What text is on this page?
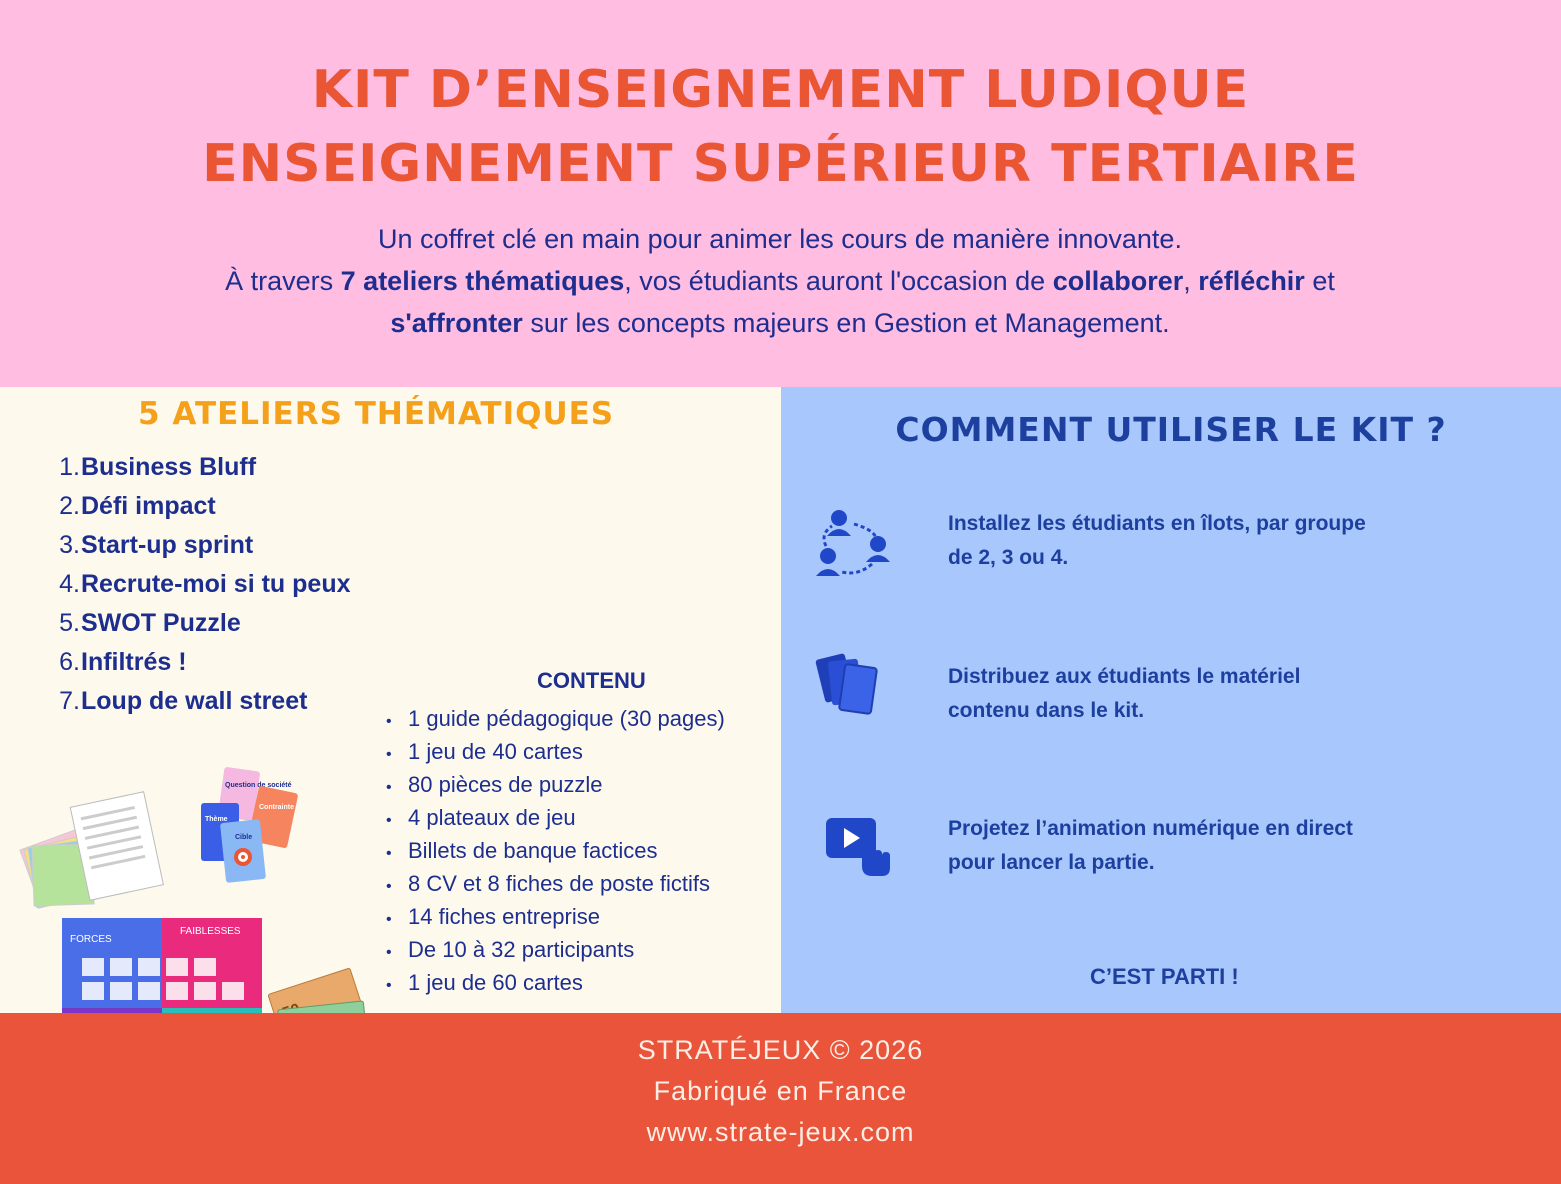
KIT D’ENSEIGNEMENT LUDIQUE
ENSEIGNEMENT SUPÉRIEUR TERTIAIRE
Un coffret clé en main pour animer les cours de manière innovante.
À travers 7 ateliers thématiques, vos étudiants auront l'occasion de collaborer, réfléchir et
s'affronter sur les concepts majeurs en Gestion et Management.
5 ATELIERS THÉMATIQUES
1. Business Bluff
2. Défi impact
3. Start-up sprint
4. Recrute-moi si tu peux
5. SWOT Puzzle
6. Infiltrés !
7. Loup de wall street
CONTENU
• 1 guide pédagogique (30 pages)
• 1 jeu de 40 cartes
• 80 pièces de puzzle
• 4 plateaux de jeu
• Billets de banque factices
• 8 CV et 8 fiches de poste fictifs
• 14 fiches entreprise
• De 10 à 32 participants
• 1 jeu de 60 cartes
Question de société
Contrainte
Thème
Cible
FORCES
FAIBLESSES
COMMENT UTILISER LE KIT ?
Installez les étudiants en îlots, par groupe
de 2, 3 ou 4.
Distribuez aux étudiants le matériel
contenu dans le kit.
Projetez l’animation numérique en direct
pour lancer la partie.
C’EST PARTI !
STRATÉJEUX © 2026
Fabriqué en France
www.strate-jeux.com
